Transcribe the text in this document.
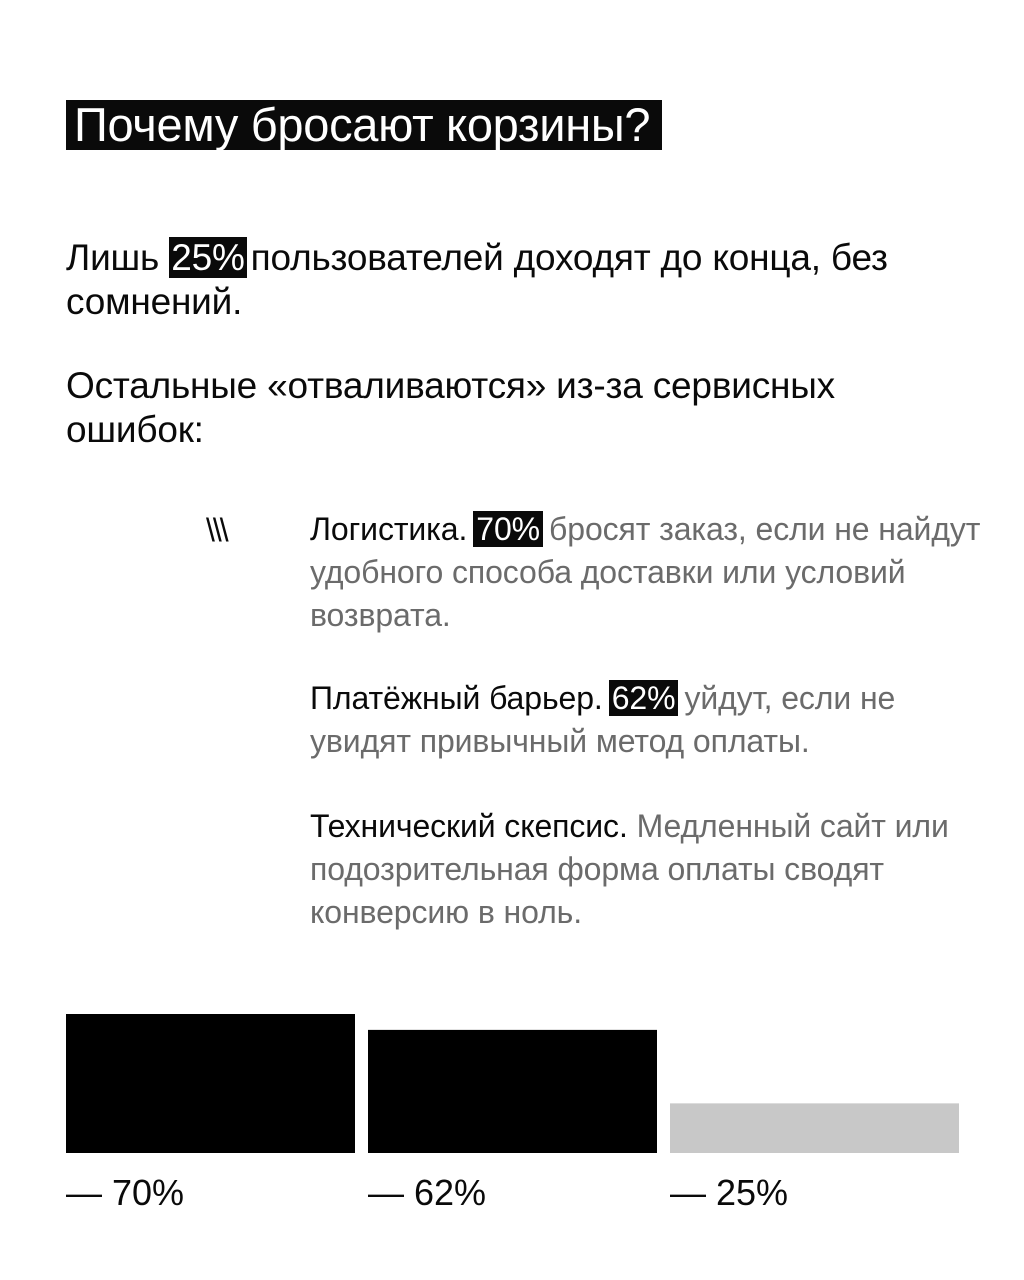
Почему бросают корзины?
Лишь 25% пользователей доходят до конца, без сомнений.
Остальные «отваливаются» из-за сервисных ошибок:
\\\	Логистика. 70% бросят заказ, если не найдут удобного способа доставки или условий возврата.
Платёжный барьер. 62% уйдут, если не увидят привычный метод оплаты.
Технический скепсис. Медленный сайт или подозрительная форма оплаты сводят конверсию в ноль.
— 70%	— 62%	— 25%
